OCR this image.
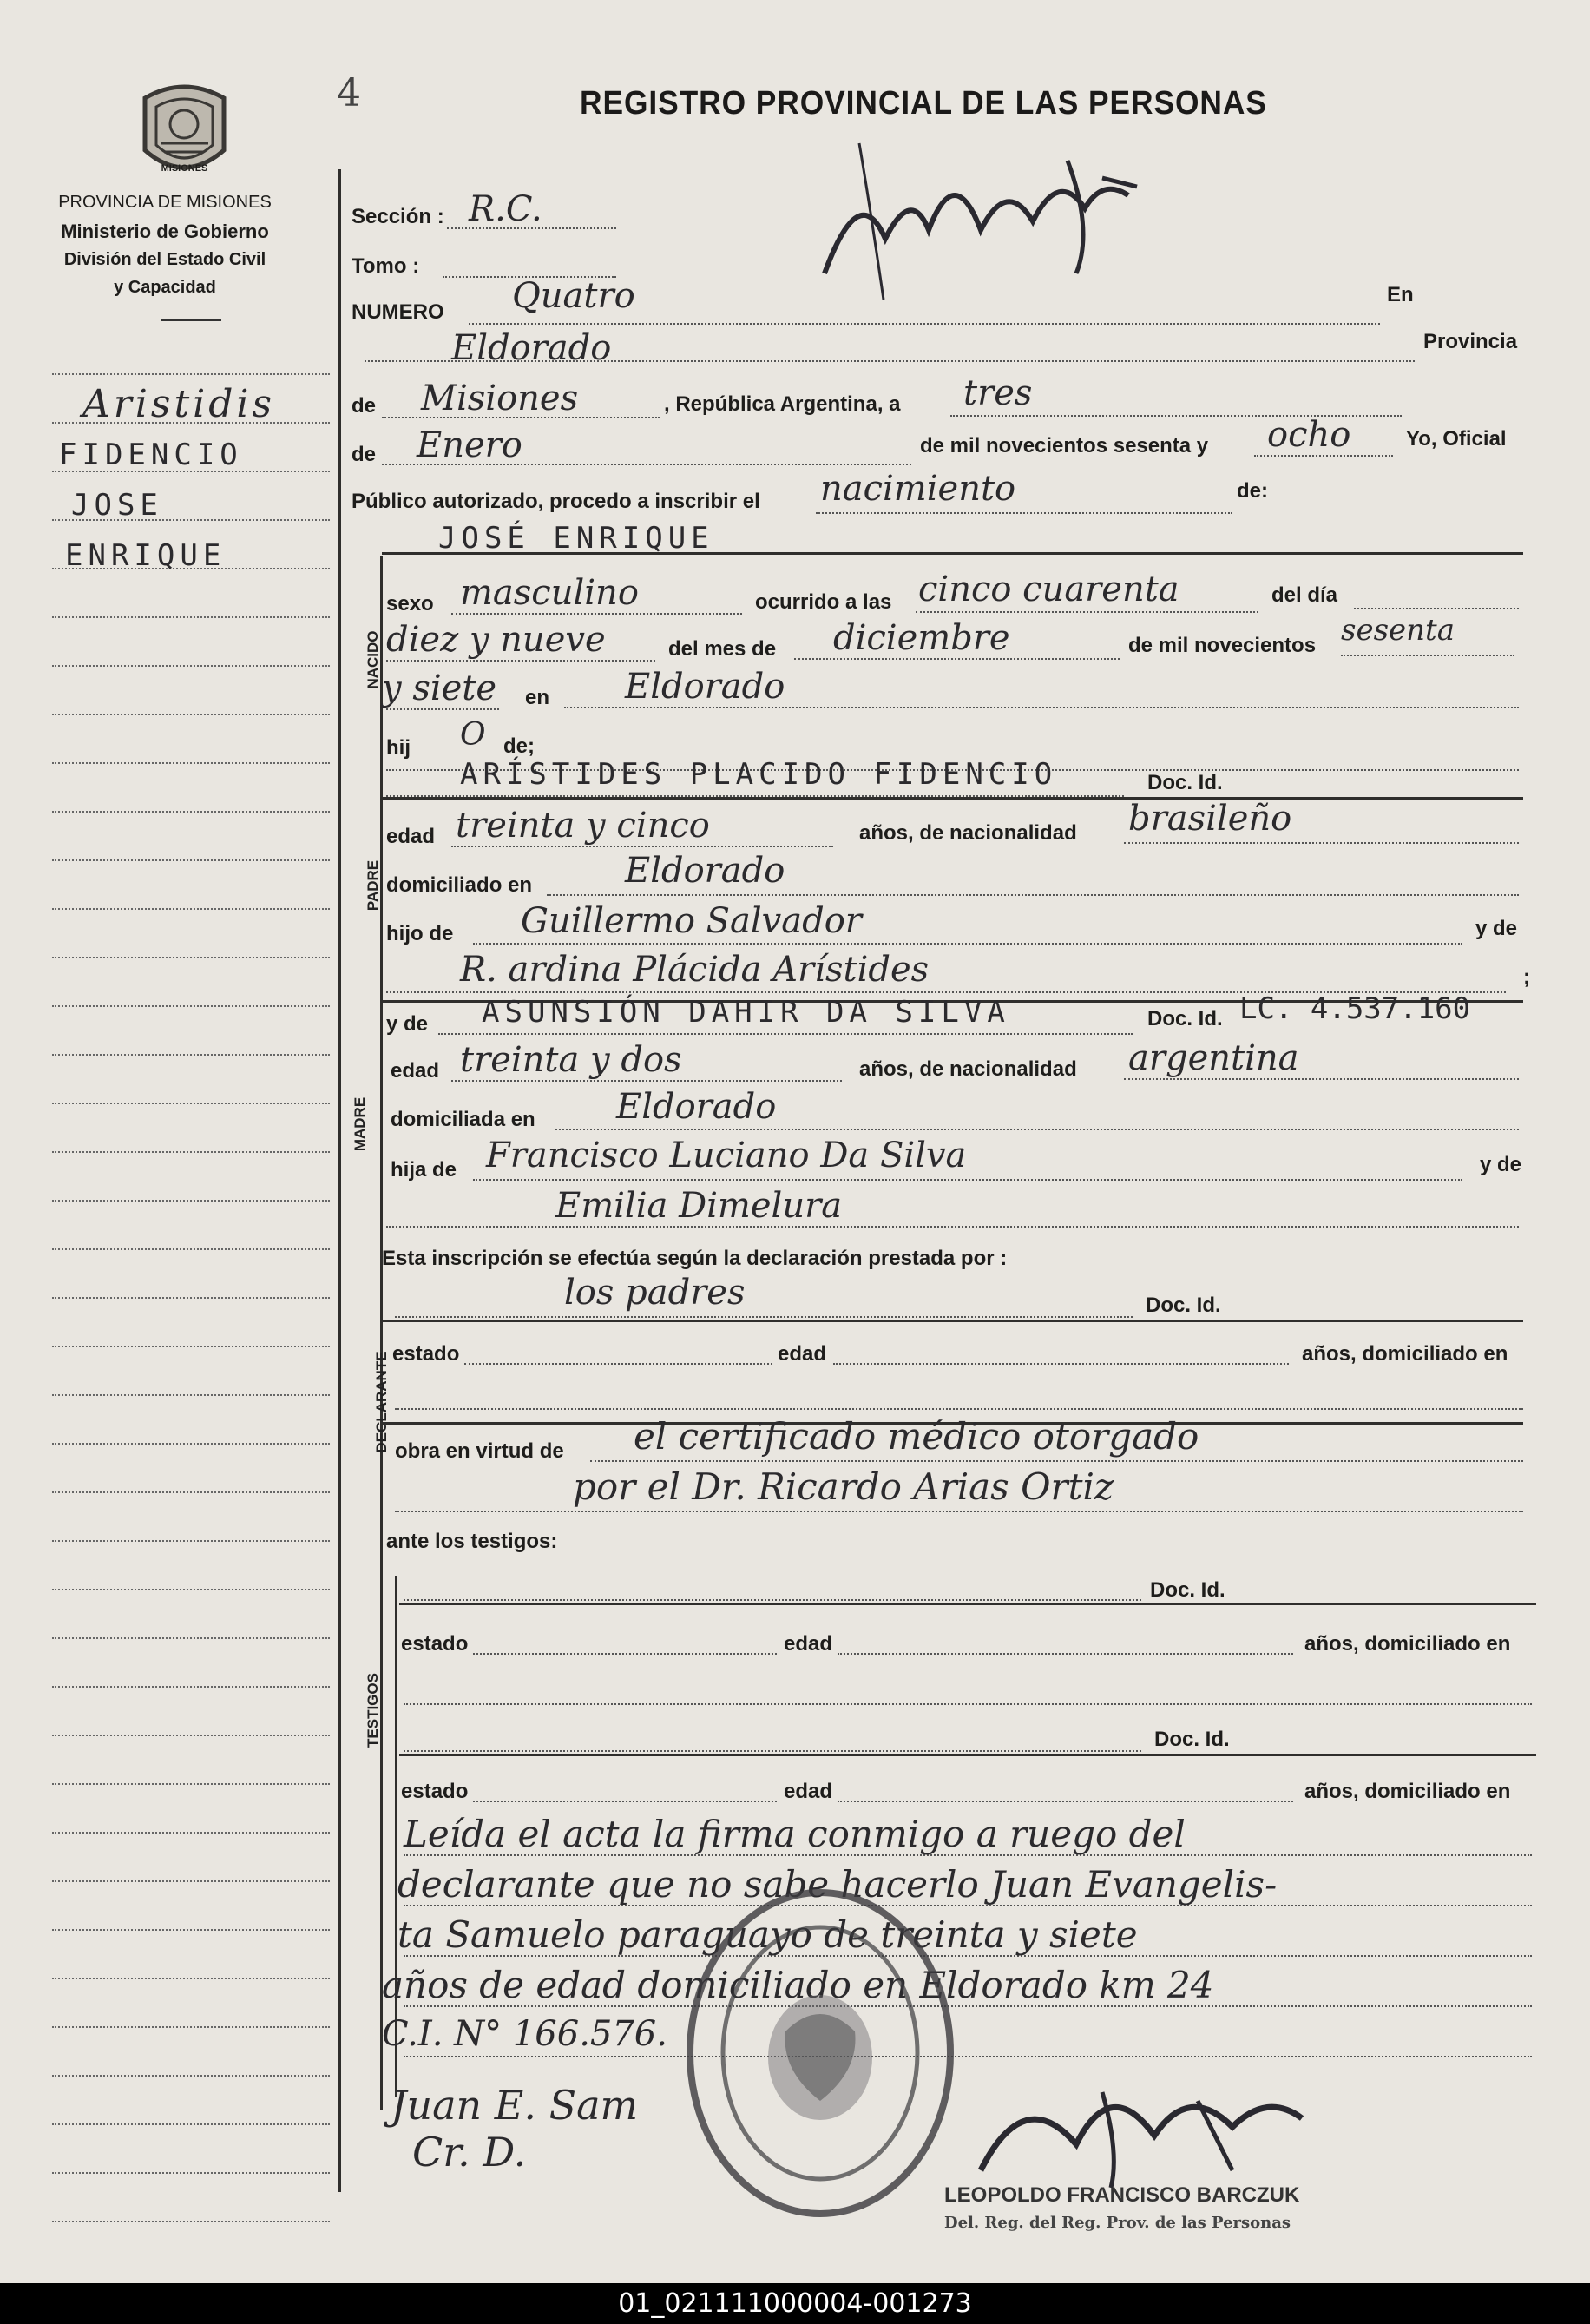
MISIONES
PROVINCIA DE MISIONES
Ministerio de Gobierno
División del Estado Civil
y Capacidad
4	REGISTRO PROVINCIAL DE LAS PERSONAS
Aristidis
FIDENCIO
JOSE
ENRIQUE
Sección : R.C.
Tomo :
NUMERO Quatro	En
Eldorado	Provincia
de Misiones	, República Argentina, a tres
de Enero	de mil novecientos sesenta y ocho	Yo, Oficial
Público autorizado, procedo a inscribir el nacimiento	de:
JOSÉ ENRIQUE
NACIDO
sexo masculino	ocurrido a las cinco cuarenta	del día
diez y nueve	del mes de diciembre	de mil novecientos sesenta
y siete en Eldorado
hij O de;
PADRE
ARÍSTIDES PLACIDO FIDENCIO	Doc. Id.
edad treinta y cinco	años, de nacionalidad brasileño
domiciliado en	Eldorado
hijo de Guillermo Salvador	y de
R. ardina Plácida Arístides	;
MADRE
y de ASUNSIÓN DAHIR DA SILVA	Doc. Id. LC. 4.537.160
edad treinta y dos	años, de nacionalidad argentina
domiciliada en Eldorado
hija de Francisco Luciano Da Silva	y de
Emilia Dimelura
Esta inscripción se efectúa según la declaración prestada por :
los padres	Doc. Id.
DECLARANTE estado	edad	años, domiciliado en
obra en virtud de el certificado médico otorgado
por el Dr. Ricardo Arias Ortiz
ante los testigos:
TESTIGOS
Doc. Id.
estado	edad	años, domiciliado en
Doc. Id.
estado	edad	años, domiciliado en
Leída el acta la firma conmigo a ruego del
declarante que no sabe hacerlo Juan Evangelis-
ta Samuelo paraguayo de treinta y siete
años de edad domiciliado en Eldorado km 24
C.I. N° 166.576.
Juan E. Sam
Cr. D.
LEOPOLDO FRANCISCO BARCZUK
Del. Reg. del Reg. Prov. de las Personas
01_021111000004-001273
